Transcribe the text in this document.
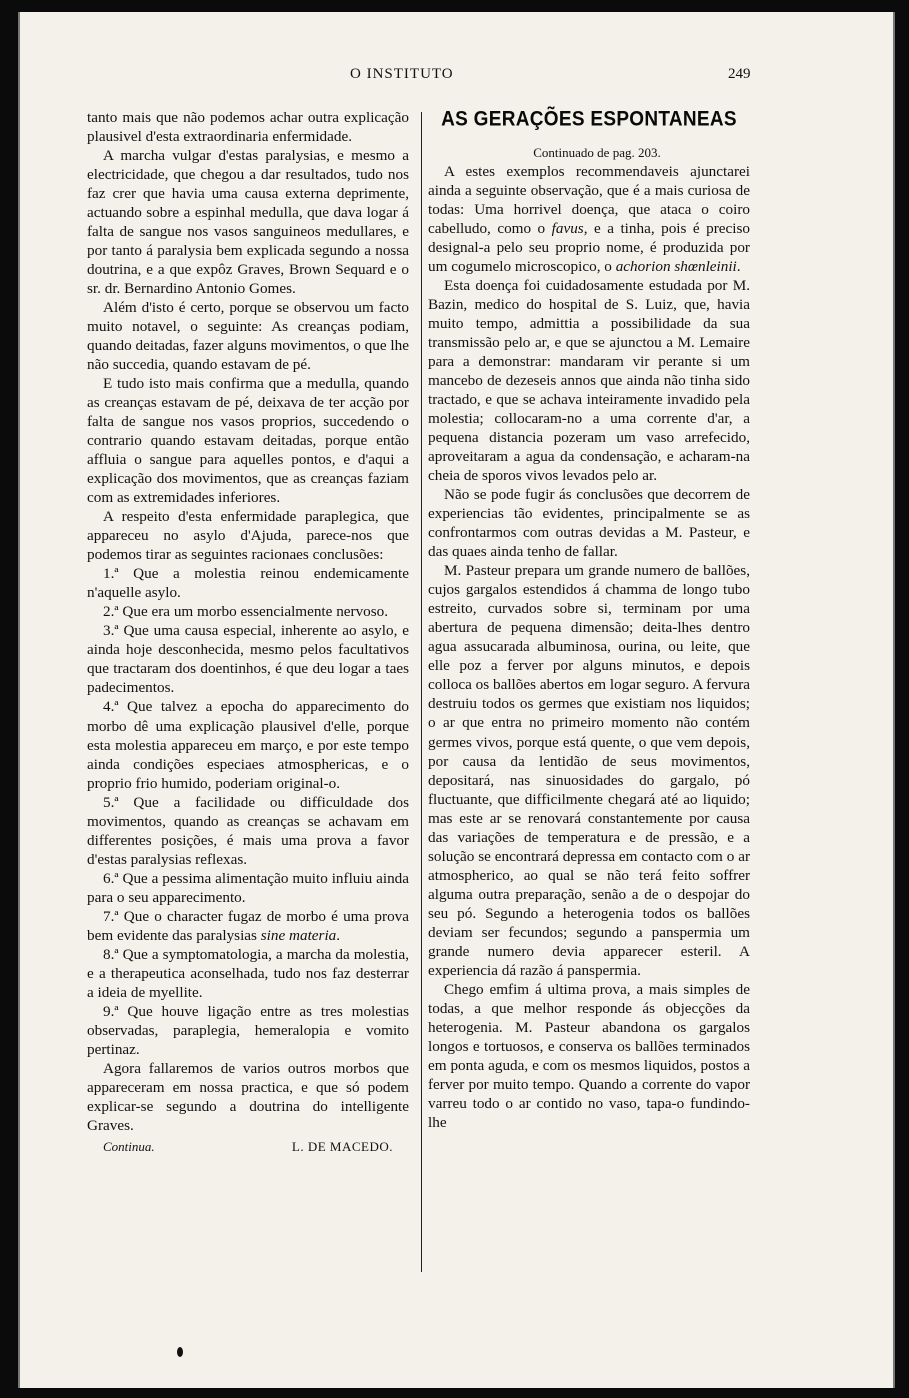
O INSTITUTO	249

tanto mais que não podemos achar outra explicação plausivel d'esta extraordinaria enfermidade.

A marcha vulgar d'estas paralysias, e mesmo a electricidade, que chegou a dar resultados, tudo nos faz crer que havia uma causa externa deprimente, actuando sobre a espinhal medulla, que dava logar á falta de sangue nos vasos sanguineos medullares, e por tanto á paralysia bem explicada segundo a nossa doutrina, e a que expôz Graves, Brown Sequard e o sr. dr. Bernardino Antonio Gomes.

Além d'isto é certo, porque se observou um facto muito notavel, o seguinte: As creanças podiam, quando deitadas, fazer alguns movimentos, o que lhe não succedia, quando estavam de pé.

E tudo isto mais confirma que a medulla, quando as creanças estavam de pé, deixava de ter acção por falta de sangue nos vasos proprios, succedendo o contrario quando estavam deitadas, porque então affluia o sangue para aquelles pontos, e d'aqui a explicação dos movimentos, que as creanças faziam com as extremidades inferiores.

A respeito d'esta enfermidade paraplegica, que appareceu no asylo d'Ajuda, parece-nos que podemos tirar as seguintes racionaes conclusões:

1.ª Que a molestia reinou endemicamente n'aquelle asylo.

2.ª Que era um morbo essencialmente nervoso.

3.ª Que uma causa especial, inherente ao asylo, e ainda hoje desconhecida, mesmo pelos facultativos que tractaram dos doentinhos, é que deu logar a taes padecimentos.

4.ª Que talvez a epocha do apparecimento do morbo dê uma explicação plausivel d'elle, porque esta molestia appareceu em março, e por este tempo ainda condições especiaes atmosphericas, e o proprio frio humido, poderiam original-o.

5.ª Que a facilidade ou difficuldade dos movimentos, quando as creanças se achavam em differentes posições, é mais uma prova a favor d'estas paralysias reflexas.

6.ª Que a pessima alimentação muito influiu ainda para o seu apparecimento.

7.ª Que o character fugaz de morbo é uma prova bem evidente das paralysias sine materia.

8.ª Que a symptomatologia, a marcha da molestia, e a therapeutica aconselhada, tudo nos faz desterrar a ideia de myellite.

9.ª Que houve ligação entre as tres molestias observadas, paraplegia, hemeralopia e vomito pertinaz.

Agora fallaremos de varios outros morbos que appareceram em nossa practica, e que só podem explicar-se segundo a doutrina do intelligente Graves.

Continua.	L. DE MACEDO.
AS GERAÇÕES ESPONTANEAS

Continuado de pag. 203.

A estes exemplos recommendaveis ajunctarei ainda a seguinte observação, que é a mais curiosa de todas: Uma horrivel doença, que ataca o coiro cabelludo, como o favus, e a tinha, pois é preciso designal-a pelo seu proprio nome, é produzida por um cogumelo microscopico, o achorion shœnleinii.

Esta doença foi cuidadosamente estudada por M. Bazin, medico do hospital de S. Luiz, que, havia muito tempo, admittia a possibilidade da sua transmissão pelo ar, e que se ajunctou a M. Lemaire para a demonstrar: mandaram vir perante si um mancebo de dezeseis annos que ainda não tinha sido tractado, e que se achava inteiramente invadido pela molestia; collocaram-no a uma corrente d'ar, a pequena distancia pozeram um vaso arrefecido, aproveitaram a agua da condensação, e acharam-na cheia de sporos vivos levados pelo ar.

Não se pode fugir ás conclusões que decorrem de experiencias tão evidentes, principalmente se as confrontarmos com outras devidas a M. Pasteur, e das quaes ainda tenho de fallar.

M. Pasteur prepara um grande numero de ballões, cujos gargalos estendidos á chamma de longo tubo estreito, curvados sobre si, terminam por uma abertura de pequena dimensão; deita-lhes dentro agua assucarada albuminosa, ourina, ou leite, que elle poz a ferver por alguns minutos, e depois colloca os ballões abertos em logar seguro. A fervura destruiu todos os germes que existiam nos liquidos; o ar que entra no primeiro momento não contém germes vivos, porque está quente, o que vem depois, por causa da lentidão de seus movimentos, depositará, nas sinuosidades do gargalo, pó fluctuante, que difficilmente chegará até ao liquido; mas este ar se renovará constantemente por causa das variações de temperatura e de pressão, e a solução se encontrará depressa em contacto com o ar atmospherico, ao qual se não terá feito soffrer alguma outra preparação, senão a de o despojar do seu pó. Segundo a heterogenia todos os ballões deviam ser fecundos; segundo a panspermia um grande numero devia apparecer esteril. A experiencia dá razão á panspermia.

Chego emfim á ultima prova, a mais simples de todas, a que melhor responde ás objecções da heterogenia. M. Pasteur abandona os gargalos longos e tortuosos, e conserva os ballões terminados em ponta aguda, e com os mesmos liquidos, postos a ferver por muito tempo. Quando a corrente do vapor varreu todo o ar contido no vaso, tapa-o fundindo-lhe
